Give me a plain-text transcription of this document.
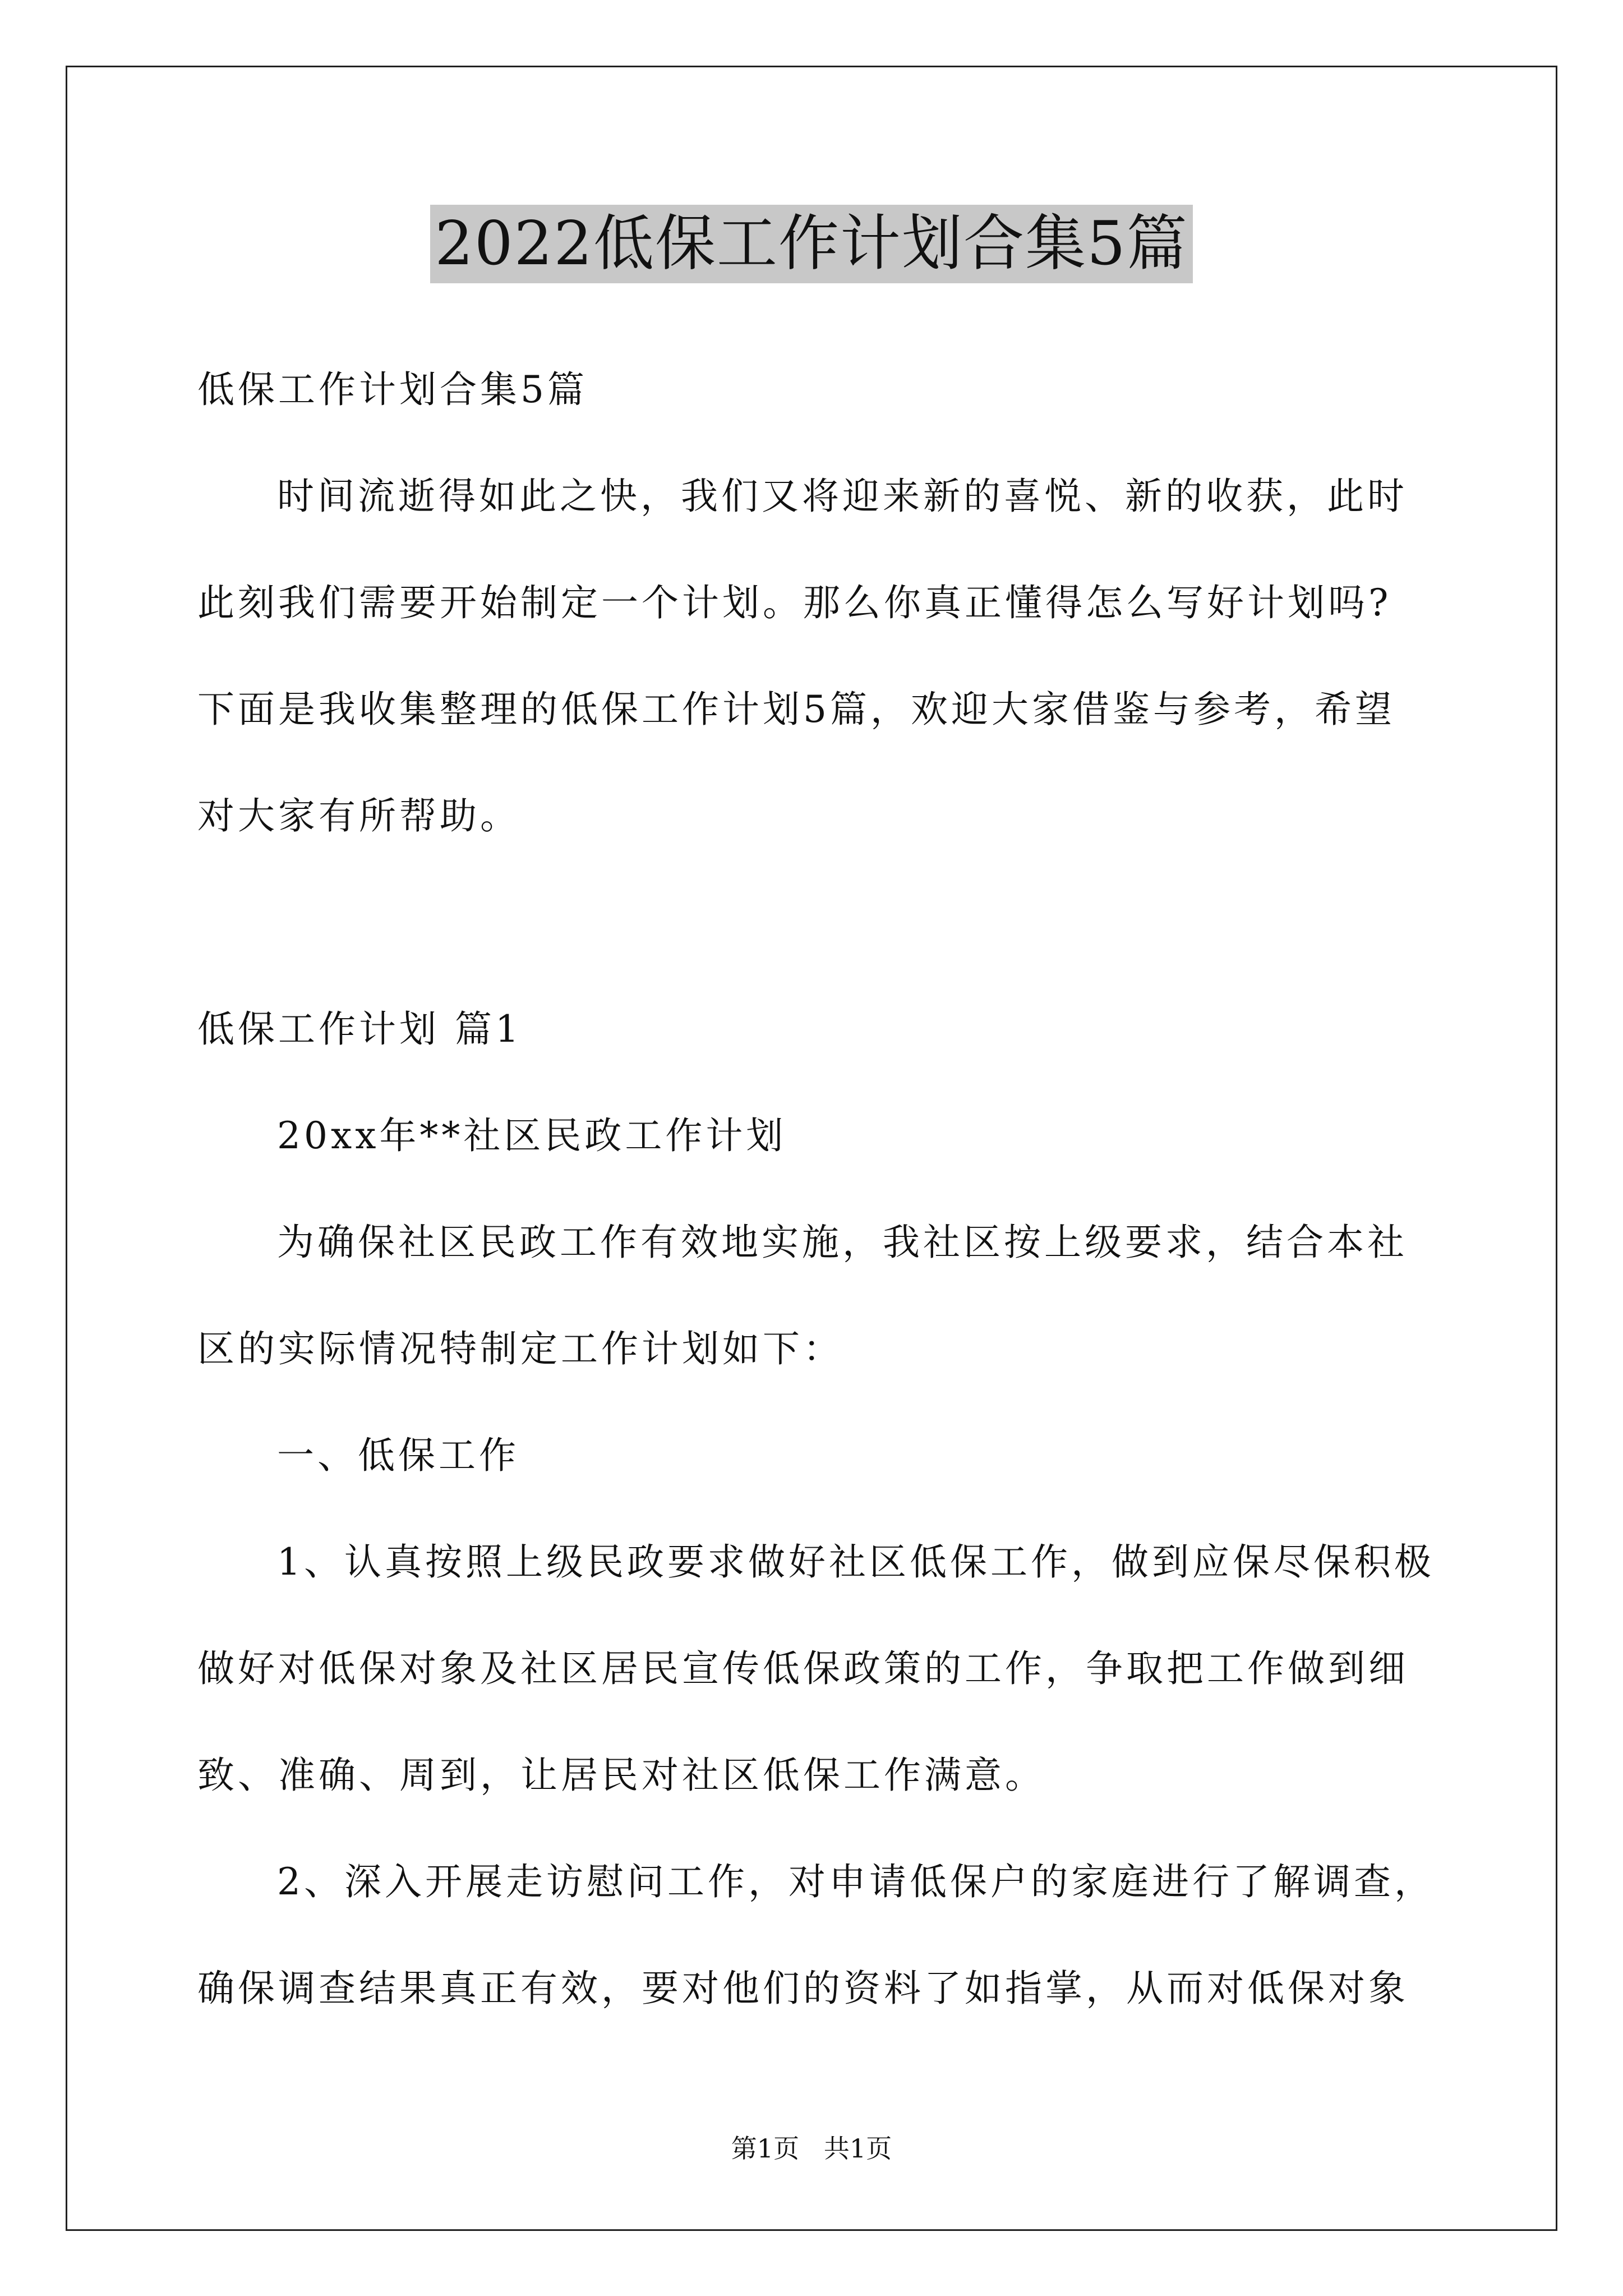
2022低保工作计划合集5篇
低保工作计划合集5篇
时间流逝得如此之快，我们又将迎来新的喜悦、新的收获，此时
此刻我们需要开始制定一个计划。那么你真正懂得怎么写好计划吗?
下面是我收集整理的低保工作计划5篇，欢迎大家借鉴与参考，希望
对大家有所帮助。
低保工作计划 篇1
20xx年**社区民政工作计划
为确保社区民政工作有效地实施，我社区按上级要求，结合本社
区的实际情况特制定工作计划如下：
一、低保工作
1、认真按照上级民政要求做好社区低保工作，做到应保尽保积极
做好对低保对象及社区居民宣传低保政策的工作，争取把工作做到细
致、准确、周到，让居民对社区低保工作满意。
2、深入开展走访慰问工作，对申请低保户的家庭进行了解调查，
确保调查结果真正有效，要对他们的资料了如指掌，从而对低保对象
第1页   共1页
